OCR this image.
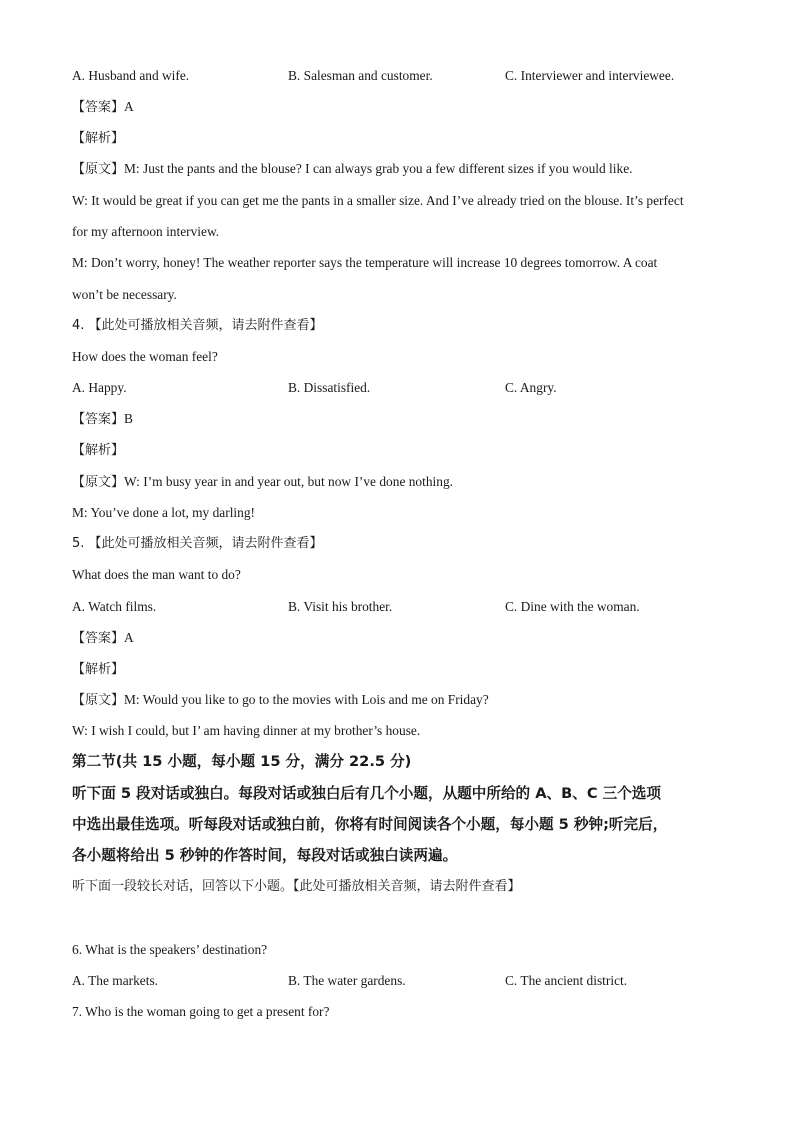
A. Husband and wife.	B. Salesman and customer.	C. Interviewer and interviewee.
【答案】A
【解析】
【原文】M: Just the pants and the blouse? I can always grab you a few different sizes if you would like.
W: It would be great if you can get me the pants in a smaller size. And I’ve already tried on the blouse. It’s perfect
for my afternoon interview.
M: Don’t worry, honey! The weather reporter says the temperature will increase 10 degrees tomorrow. A coat
won’t be necessary.
4. 【此处可播放相关音频，请去附件查看】
How does the woman feel?
A. Happy.	B. Dissatisfied.	C. Angry.
【答案】B
【解析】
【原文】W: I’m busy year in and year out, but now I’ve done nothing.
M: You’ve done a lot, my darling!
5. 【此处可播放相关音频，请去附件查看】
What does the man want to do?
A. Watch films.	B. Visit his brother.	C. Dine with the woman.
【答案】A
【解析】
【原文】M: Would you like to go to the movies with Lois and me on Friday?
W: I wish I could, but I’ am having dinner at my brother’s house.
第二节(共 15 小题，每小题 15 分，满分 22.5 分)
听下面 5 段对话或独白。每段对话或独白后有几个小题，从题中所给的 A、B、C 三个选项
中选出最佳选项。听每段对话或独白前，你将有时间阅读各个小题，每小题 5 秒钟;听完后，
各小题将给出 5 秒钟的作答时间，每段对话或独白读两遍。
听下面一段较长对话，回答以下小题。【此处可播放相关音频，请去附件查看】
6. What is the speakers’ destination?
A. The markets.	B. The water gardens.	C. The ancient district.
7. Who is the woman going to get a present for?
